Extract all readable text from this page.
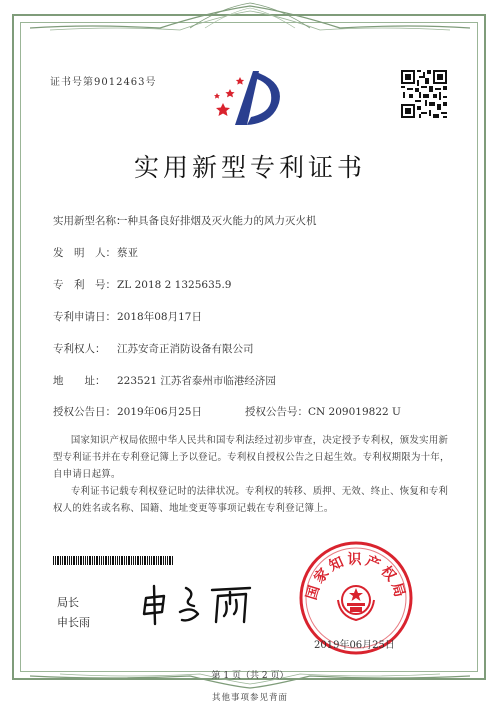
证书号第9012463号
实用新型专利证书
实用新型名称：一种具备良好排烟及灭火能力的风力灭火机
发　明　人：蔡亚
专　利　号：ZL 2018 2 1325635.9
专利申请日：2018年08月17日
专利权人： 江苏安奇正消防设备有限公司
地　　址： 223521 江苏省泰州市临港经济园
授权公告日：2019年06月25日	授权公告号：CN 209019822 U
国家知识产权局依照中华人民共和国专利法经过初步审查，决定授予专利权，颁发实用新型专利证书并在专利登记簿上予以登记。专利权自授权公告之日起生效。专利权期限为十年，自申请日起算。
专利证书记载专利权登记时的法律状况。专利权的转移、质押、无效、终止、恢复和专利权人的姓名或名称、国籍、地址变更等事项记载在专利登记簿上。
局长
申长雨
国家知识产权局
2019年06月25日
第 1 页（共 2 页）
其他事项参见背面
